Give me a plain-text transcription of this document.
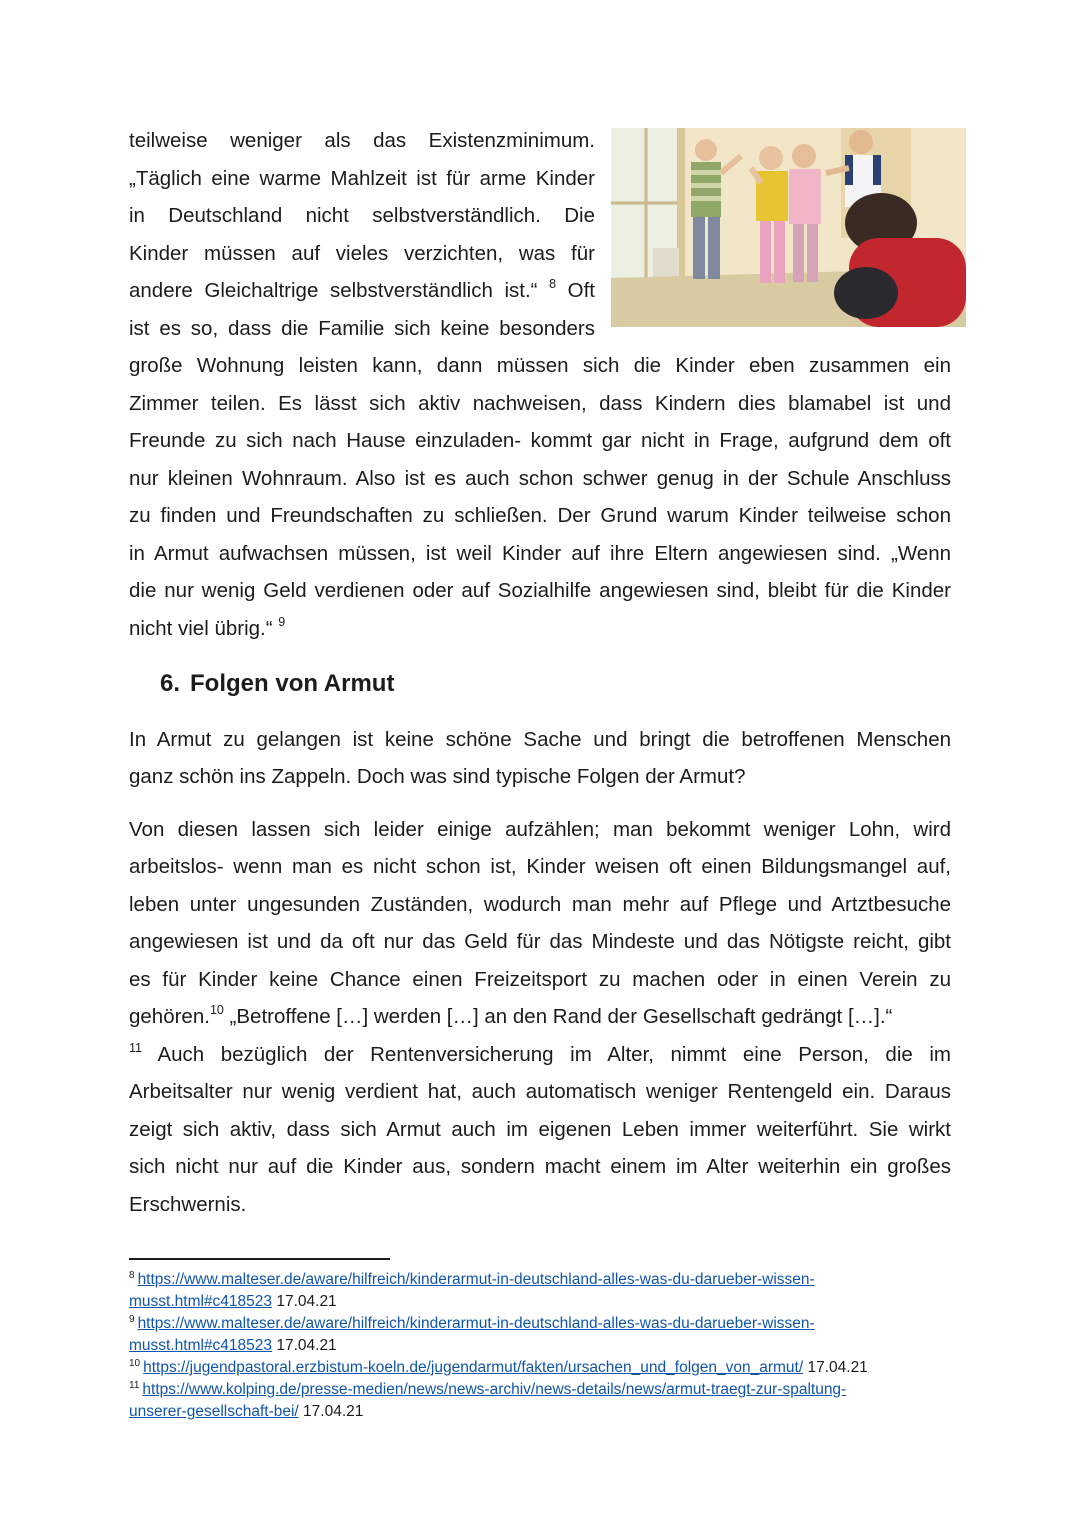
teilweise weniger als das Existenzminimum.
„Täglich eine warme Mahlzeit ist für arme Kinder
in Deutschland nicht selbstverständlich. Die
Kinder müssen auf vieles verzichten, was für
andere Gleichaltrige selbstverständlich ist.“ $^8$ Oft
ist es so, dass die Familie sich keine besonders
große Wohnung leisten kann, dann müssen sich die Kinder eben zusammen ein
Zimmer teilen. Es lässt sich aktiv nachweisen, dass Kindern dies blamabel ist und
Freunde zu sich nach Hause einzuladen- kommt gar nicht in Frage, aufgrund dem oft
nur kleinen Wohnraum. Also ist es auch schon schwer genug in der Schule Anschluss
zu finden und Freundschaften zu schließen. Der Grund warum Kinder teilweise schon
in Armut aufwachsen müssen, ist weil Kinder auf ihre Eltern angewiesen sind. „Wenn
die nur wenig Geld verdienen oder auf Sozialhilfe angewiesen sind, bleibt für die Kinder
nicht viel übrig.“ $^9$
6. Folgen von Armut
In Armut zu gelangen ist keine schöne Sache und bringt die betroffenen Menschen
ganz schön ins Zappeln. Doch was sind typische Folgen der Armut?
Von diesen lassen sich leider einige aufzählen; man bekommt weniger Lohn, wird
arbeitslos- wenn man es nicht schon ist, Kinder weisen oft einen Bildungsmangel auf,
leben unter ungesunden Zuständen, wodurch man mehr auf Pflege und Artztbesuche
angewiesen ist und da oft nur das Geld für das Mindeste und das Nötigste reicht, gibt
es für Kinder keine Chance einen Freizeitsport zu machen oder in einen Verein zu
gehören.$^{10}$ „Betroffene […] werden […] an den Rand der Gesellschaft gedrängt […].“
$^{11}$ Auch bezüglich der Rentenversicherung im Alter, nimmt eine Person, die im
Arbeitsalter nur wenig verdient hat, auch automatisch weniger Rentengeld ein. Daraus
zeigt sich aktiv, dass sich Armut auch im eigenen Leben immer weiterführt. Sie wirkt
sich nicht nur auf die Kinder aus, sondern macht einem im Alter weiterhin ein großes
Erschwernis.
$^8$ https://www.malteser.de/aware/hilfreich/kinderarmut-in-deutschland-alles-was-du-darueber-wissen-
musst.html#c418523 17.04.21
$^9$ https://www.malteser.de/aware/hilfreich/kinderarmut-in-deutschland-alles-was-du-darueber-wissen-
musst.html#c418523 17.04.21
$^{10}$ https://jugendpastoral.erzbistum-koeln.de/jugendarmut/fakten/ursachen_und_folgen_von_armut/ 17.04.21
$^{11}$ https://www.kolping.de/presse-medien/news/news-archiv/news-details/news/armut-traegt-zur-spaltung-
unserer-gesellschaft-bei/ 17.04.21
